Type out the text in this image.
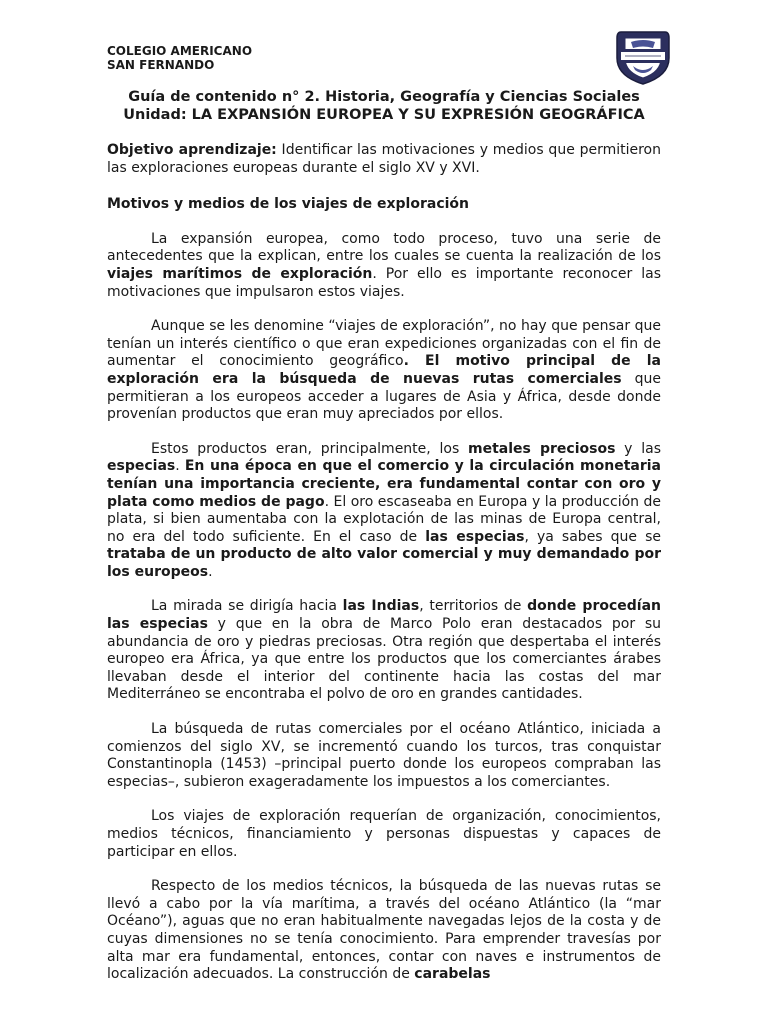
COLEGIO AMERICANO
SAN FERNANDO
Guía de contenido n° 2. Historia, Geografía y Ciencias Sociales
Unidad: LA EXPANSIÓN EUROPEA Y SU EXPRESIÓN GEOGRÁFICA

Objetivo aprendizaje: Identificar las motivaciones y medios que permitieron las exploraciones europeas durante el siglo XV y XVI.

Motivos y medios de los viajes de exploración

La expansión europea, como todo proceso, tuvo una serie de antecedentes que la explican, entre los cuales se cuenta la realización de los viajes marítimos de exploración. Por ello es importante reconocer las motivaciones que impulsaron estos viajes.

Aunque se les denomine “viajes de exploración”, no hay que pensar que tenían un interés científico o que eran expediciones organizadas con el fin de aumentar el conocimiento geográfico. El motivo principal de la exploración era la búsqueda de nuevas rutas comerciales que permitieran a los europeos acceder a lugares de Asia y África, desde donde provenían productos que eran muy apreciados por ellos.

Estos productos eran, principalmente, los metales preciosos y las especias. En una época en que el comercio y la circulación monetaria tenían una importancia creciente, era fundamental contar con oro y plata como medios de pago. El oro escaseaba en Europa y la producción de plata, si bien aumentaba con la explotación de las minas de Europa central, no era del todo suficiente. En el caso de las especias, ya sabes que se trataba de un producto de alto valor comercial y muy demandado por los europeos.

La mirada se dirigía hacia las Indias, territorios de donde procedían las especias y que en la obra de Marco Polo eran destacados por su abundancia de oro y piedras preciosas. Otra región que despertaba el interés europeo era África, ya que entre los productos que los comerciantes árabes llevaban desde el interior del continente hacia las costas del mar Mediterráneo se encontraba el polvo de oro en grandes cantidades.

La búsqueda de rutas comerciales por el océano Atlántico, iniciada a comienzos del siglo XV, se incrementó cuando los turcos, tras conquistar Constantinopla (1453) –principal puerto donde los europeos compraban las especias–, subieron exageradamente los impuestos a los comerciantes.

Los viajes de exploración requerían de organización, conocimientos, medios técnicos, financiamiento y personas dispuestas y capaces de participar en ellos.

Respecto de los medios técnicos, la búsqueda de las nuevas rutas se llevó a cabo por la vía marítima, a través del océano Atlántico (la “mar Océano”), aguas que no eran habitualmente navegadas lejos de la costa y de cuyas dimensiones no se tenía conocimiento. Para emprender travesías por alta mar era fundamental, entonces, contar con naves e instrumentos de localización adecuados. La construcción de carabelas
